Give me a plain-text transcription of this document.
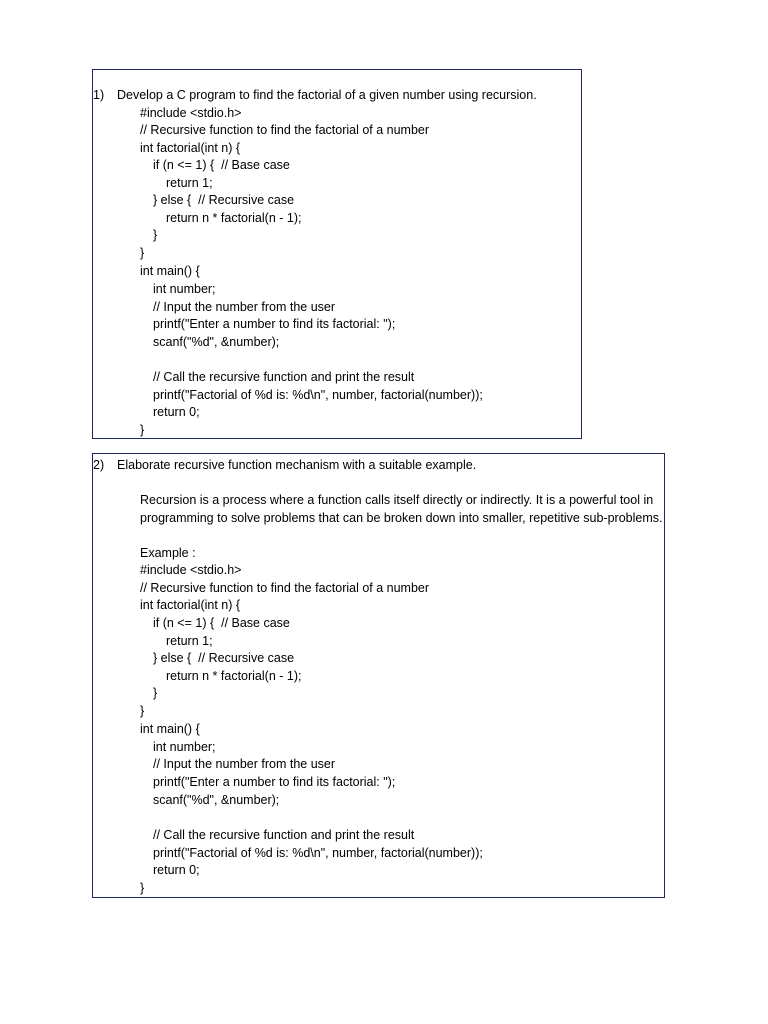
1) Develop a C program to find the factorial of a given number using recursion.
#include <stdio.h>
// Recursive function to find the factorial of a number
int factorial(int n) {
if (n <= 1) {  // Base case
return 1;
} else {  // Recursive case
return n * factorial(n - 1);
}
}
int main() {
int number;
// Input the number from the user
printf("Enter a number to find its factorial: ");
scanf("%d", &number);
// Call the recursive function and print the result
printf("Factorial of %d is: %d\n", number, factorial(number));
return 0;
}
2) Elaborate recursive function mechanism with a suitable example.
Recursion is a process where a function calls itself directly or indirectly. It is a powerful tool in programming to solve problems that can be broken down into smaller, repetitive sub-problems.
Example :
#include <stdio.h>
// Recursive function to find the factorial of a number
int factorial(int n) {
if (n <= 1) {  // Base case
return 1;
} else {  // Recursive case
return n * factorial(n - 1);
}
}
int main() {
int number;
// Input the number from the user
printf("Enter a number to find its factorial: ");
scanf("%d", &number);
// Call the recursive function and print the result
printf("Factorial of %d is: %d\n", number, factorial(number));
return 0;
}
